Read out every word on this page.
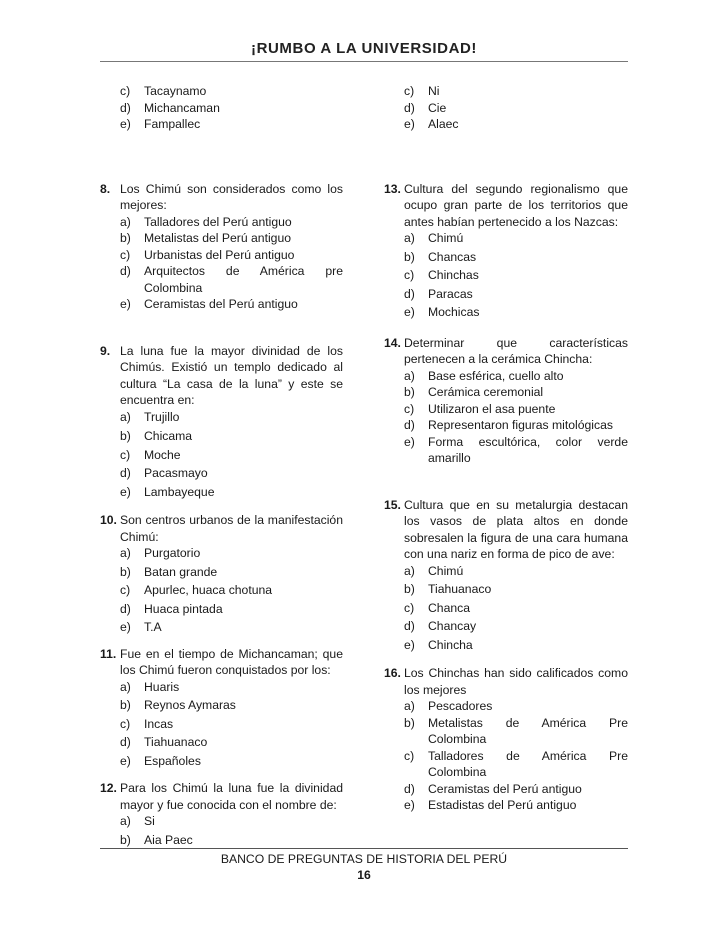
¡RUMBO A LA UNIVERSIDAD!
c) Tacaynamo
d) Michancaman
e) Fampallec
8. Los Chimú son considerados como los mejores:
a) Talladores del Perú antiguo
b) Metalistas del Perú antiguo
c) Urbanistas del Perú antiguo
d) Arquitectos de América pre Colombina
e) Ceramistas del Perú antiguo
9. La luna fue la mayor divinidad de los Chimús. Existió un templo dedicado al cultura “La casa de la luna” y este se encuentra en:
a) Trujillo
b) Chicama
c) Moche
d) Pacasmayo
e) Lambayeque
10. Son centros urbanos de la manifestación Chimú:
a) Purgatorio
b) Batan grande
c) Apurlec, huaca chotuna
d) Huaca pintada
e) T.A
11. Fue en el tiempo de Michancaman; que los Chimú fueron conquistados por los:
a) Huaris
b) Reynos Aymaras
c) Incas
d) Tiahuanaco
e) Españoles
12. Para los Chimú la luna fue la divinidad mayor y fue conocida con el nombre de:
a) Si
b) Aia Paec
c) Ni
d) Cie
e) Alaec
13. Cultura del segundo regionalismo que ocupo gran parte de los territorios que antes habían pertenecido a los Nazcas:
a) Chimú
b) Chancas
c) Chinchas
d) Paracas
e) Mochicas
14. Determinar que características pertenecen a la cerámica Chincha:
a) Base esférica, cuello alto
b) Cerámica ceremonial
c) Utilizaron el asa puente
d) Representaron figuras mitológicas
e) Forma escultórica, color verde amarillo
15. Cultura que en su metalurgia destacan los vasos de plata altos en donde sobresalen la figura de una cara humana con una nariz en forma de pico de ave:
a) Chimú
b) Tiahuanaco
c) Chanca
d) Chancay
e) Chincha
16. Los Chinchas han sido calificados como los mejores
a) Pescadores
b) Metalistas de América Pre Colombina
c) Talladores de América Pre Colombina
d) Ceramistas del Perú antiguo
e) Estadistas del Perú antiguo
BANCO DE PREGUNTAS DE HISTORIA DEL PERÚ
16
